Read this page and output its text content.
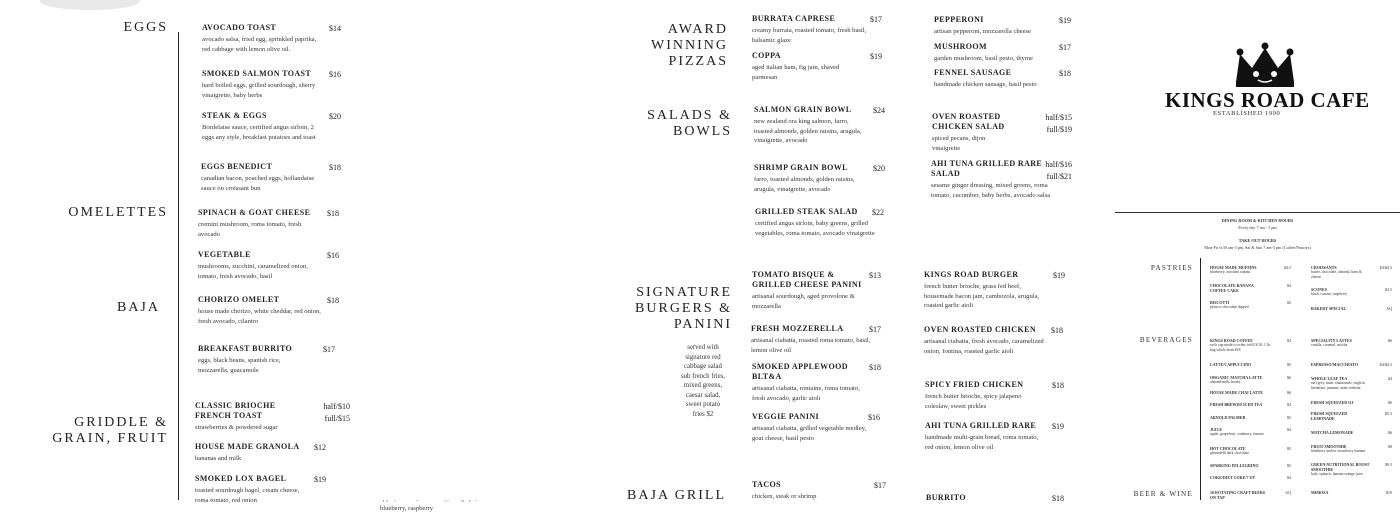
EGGS
OMELETTES
BAJA
GRIDDLE &
GRAIN, FRUIT
AVOCADO TOAST
avocado salsa, fried egg, sprinkled paprika, red cabbage with lemon olive oil.
$14
SMOKED SALMON TOAST
hard boiled eggs, grilled sourdough, sherry vinaigrette, baby herbs
$16
STEAK & EGGS
Bordelaise sauce, certified angus sirloin, 2 eggs any style, breakfast potatoes and toast
$20
EGGS BENEDICT
canadian bacon, poached eggs, hollandaise sauce on croissant bun
$18
SPINACH & GOAT CHEESE
cremini mushroom, roma tomato, fresh avocado
$18
VEGETABLE
mushrooms, zucchini, caramelized onion, tomato, fresh avocado, basil
$16
CHORIZO OMELET
house made chorizo, white cheddar, red onion, fresh avocado, cilantro
$18
BREAKFAST BURRITO
eggs, black beans, spanish rice, mozzarella, guacamole
$17
CLASSIC BRIOCHE FRENCH TOAST
strawberries & powdered sugar
half/$10
full/$15
HOUSE MADE GRANOLA
bananas and milk
$12
SMOKED LOX BAGEL
toasted sourdough bagel, cream cheese, roma tomato, red onion
$19
blueberry, raspberry
AWARD
WINNING
PIZZAS
SALADS &
BOWLS
SIGNATURE
BURGERS &
PANINI
served with signature red cabbage salad sub french fries, mixed greens, caesar salad, sweet potato fries $2
BAJA GRILL
BURRATA CAPRESE
creamy burrata, roasted tomato, fresh basil, balsamic glaze
$17
COPPA
aged italian ham, fig jam, shaved parmesan
$19
SALMON GRAIN BOWL
new zealand ora king salmon, farro, toasted almonds, golden raisins, arugula, vinaigrette, avocado
$24
SHRIMP GRAIN BOWL
farro, toasted almonds, golden raisins, arugula, vinaigrette, avocado
$20
GRILLED STEAK SALAD
certified angus sirloin, baby greens, grilled vegetables, roma tomato, avocado vinaigrette
$22
TOMATO BISQUE & GRILLED CHEESE PANINI
artisanal sourdough, aged provolone & mozzarella
$13
FRESH MOZZERELLA
artisanal ciabatta, roasted roma tomato, basil, lemon olive oil
$17
SMOKED APPLEWOOD BLT&A
artisanal ciabatta, romaine, roma tomato, fresh avocado, garlic aioli
$18
VEGGIE PANINI
artisanal ciabatta, grilled vegetable medley, goat cheese, basil pesto
$16
TACOS
chicken, steak or shrimp
$17
PEPPERONI
artisan pepperoni, mozzarella cheese
$19
MUSHROOM
garden mushroom, basil pesto, thyme
$17
FENNEL SAUSAGE
handmade chicken sausage, basil pesto
$18
OVEN ROASTED CHICKEN SALAD
spiced pecans, dijon vinaigrette
half/$15
full/$19
AHI TUNA GRILLED RARE SALAD
sesame ginger dressing, mixed greens, roma tomato, cucumber, baby herbs, avocado salsa
half/$16
full/$21
KINGS ROAD BURGER
french butter brioche, grass fed beef, housemade bacon jam, cambozola, arugula, roasted garlic aioli
$19
OVEN ROASTED CHICKEN
artisanal ciabatta, fresh avocado, caramelized onion, fontina, roasted garlic aioli
$18
SPICY FRIED CHICKEN
french butter brioche, spicy jalapeno coleslaw, sweet pickles
$18
AHI TUNA GRILLED RARE
handmade multi-grain bread, roma tomato, red onion, lemon olive oil
$19
BURRITO	$18
KINGS ROAD CAFE
ESTABLISHED 1990
DINING ROOM & KITCHEN HOURS
Every day 7 am - 3 pm
TAKE OUT HOURS
Mon-Fri 6:30 am-3 pm, Sat & Sun 7 am-3 pm (Coffee/Pastries)
PASTRIES
BEVERAGES
BEER & WINE
HOUSE MADE MUFFINS
blueberry, zucchini walnut
$4.5
CHOCOLATE BANANA COFFEE CAKE
$4
BISCOTTI
plain or chocolate dipped
$2
KINGS ROAD COFFEE
such cup made to order, refill $.50, 1 lb bag whole bean $18
$4
LATTE/CAPPUCCINO	$5
ORGANIC MATCHA LATTE
almond milk, honey
$6
HOUSE MADE CHAI LATTE	$6
FRESH BREWED ICED TEA	$4
ARNOLD PALMER	$5
JUICE
apple, grapefruit, cranberry, tomato
$4
HOT CHOCOLATE
ghirardelli dark chocolate
$5
SPARKING PELLEGRINO	$5
COKE/DIET COKE/7 UP	$4
10 ROTATING CRAFT BEERS ON TAP
AQ
CROISSANTS
butter, chocolate, almond, ham & cheese
$4/$4.5
SCONES
black currant, raspberry
$4.5
BAKERY SPECIAL	AQ
SPECIALITY LATTES
vanilla, caramel, mocha
$6
ESPRESSO/MACCHIATO	$4/$4.5
WHOLE LEAF TEA
earl grey, mint, chamomile, english breakfast, jasmine, mint verbena
$4
FRESH SQUEEZED OJ	$6
FRESH SQUEEZED LEMONADE
$5.5
MATCHA LEMONADE	$6
FRUIT SMOOTHIE
blueberry and/or strawberry banana
$8
GREEN NUTRITIONAL BOOST SMOOTHIE
kale, spinach, banana orange juice
$9.5
MIMOSA	$10
